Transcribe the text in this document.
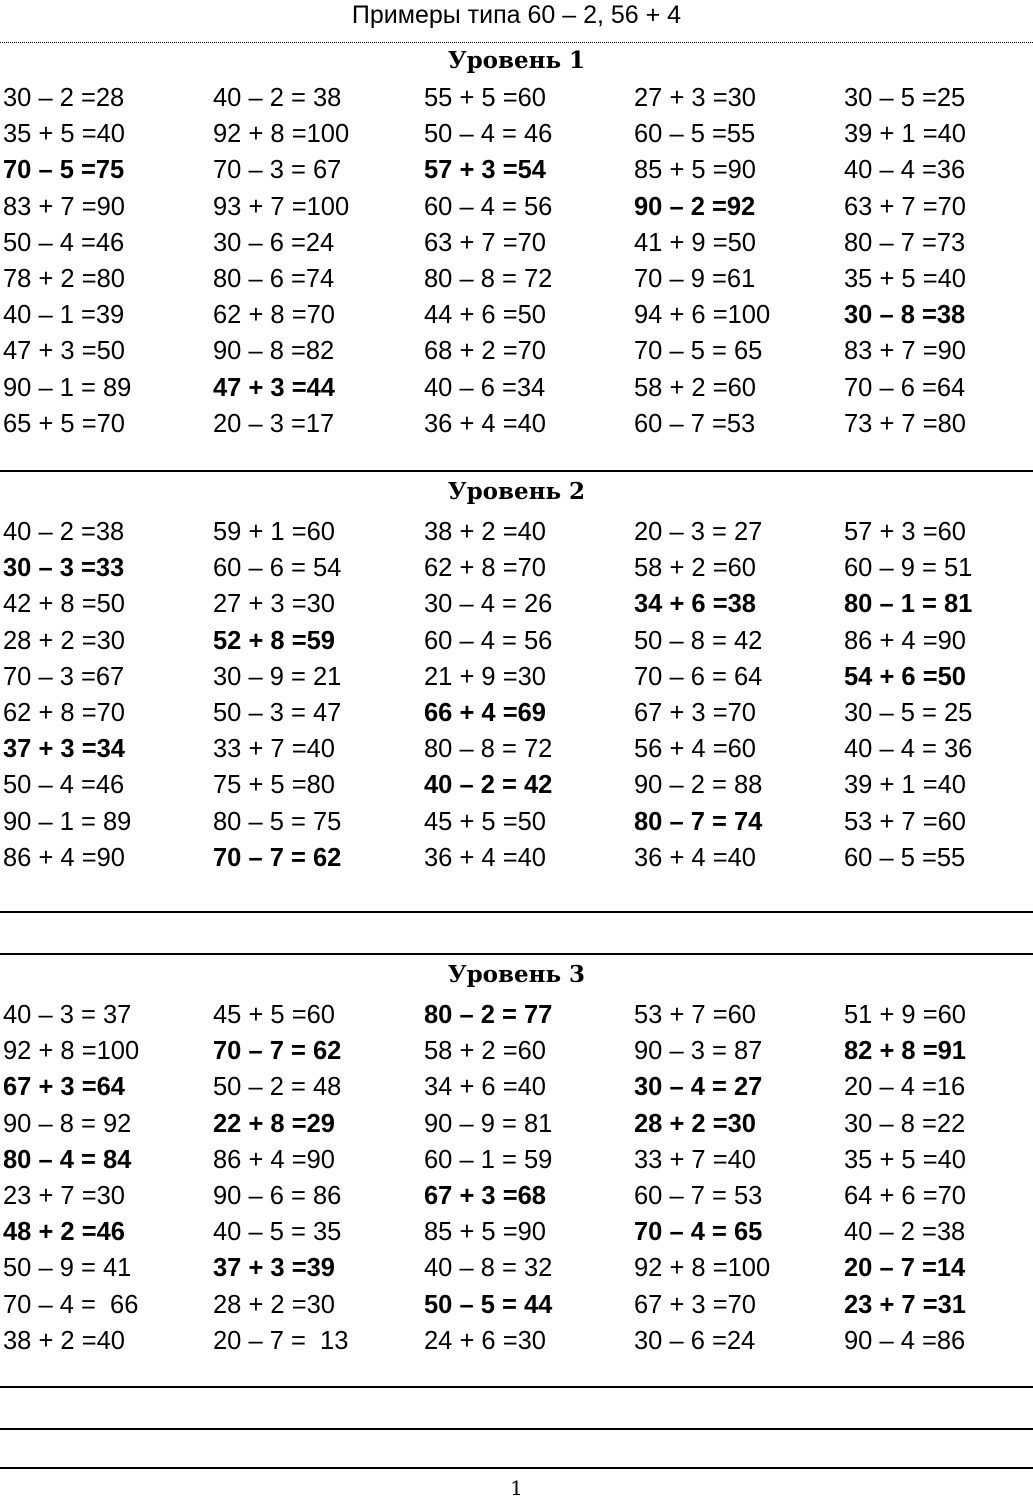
Примеры типа 60 – 2, 56 + 4
Уровень 1
30 – 2 =28	40 – 2 = 38	55 + 5 =60	27 + 3 =30	30 – 5 =25
35 + 5 =40	92 + 8 =100	50 – 4 = 46	60 – 5 =55	39 + 1 =40
70 – 5 =75	70 – 3 = 67	57 + 3 =54	85 + 5 =90	40 – 4 =36
83 + 7 =90	93 + 7 =100	60 – 4 = 56	90 – 2 =92	63 + 7 =70
50 – 4 =46	30 – 6 =24	63 + 7 =70	41 + 9 =50	80 – 7 =73
78 + 2 =80	80 – 6 =74	80 – 8 = 72	70 – 9 =61	35 + 5 =40
40 – 1 =39	62 + 8 =70	44 + 6 =50	94 + 6 =100	30 – 8 =38
47 + 3 =50	90 – 8 =82	68 + 2 =70	70 – 5 = 65	83 + 7 =90
90 – 1 = 89	47 + 3 =44	40 – 6 =34	58 + 2 =60	70 – 6 =64
65 + 5 =70	20 – 3 =17	36 + 4 =40	60 – 7 =53	73 + 7 =80
Уровень 2
40 – 2 =38	59 + 1 =60	38 + 2 =40	20 – 3 = 27	57 + 3 =60
30 – 3 =33	60 – 6 = 54	62 + 8 =70	58 + 2 =60	60 – 9 = 51
42 + 8 =50	27 + 3 =30	30 – 4 = 26	34 + 6 =38	80 – 1 = 81
28 + 2 =30	52 + 8 =59	60 – 4 = 56	50 – 8 = 42	86 + 4 =90
70 – 3 =67	30 – 9 = 21	21 + 9 =30	70 – 6 = 64	54 + 6 =50
62 + 8 =70	50 – 3 = 47	66 + 4 =69	67 + 3 =70	30 – 5 = 25
37 + 3 =34	33 + 7 =40	80 – 8 = 72	56 + 4 =60	40 – 4 = 36
50 – 4 =46	75 + 5 =80	40 – 2 = 42	90 – 2 = 88	39 + 1 =40
90 – 1 = 89	80 – 5 = 75	45 + 5 =50	80 – 7 = 74	53 + 7 =60
86 + 4 =90	70 – 7 = 62	36 + 4 =40	36 + 4 =40	60 – 5 =55
Уровень 3
40 – 3 = 37	45 + 5 =60	80 – 2 = 77	53 + 7 =60	51 + 9 =60
92 + 8 =100	70 – 7 = 62	58 + 2 =60	90 – 3 = 87	82 + 8 =91
67 + 3 =64	50 – 2 = 48	34 + 6 =40	30 – 4 = 27	20 – 4 =16
90 – 8 = 92	22 + 8 =29	90 – 9 = 81	28 + 2 =30	30 – 8 =22
80 – 4 = 84	86 + 4 =90	60 – 1 = 59	33 + 7 =40	35 + 5 =40
23 + 7 =30	90 – 6 = 86	67 + 3 =68	60 – 7 = 53	64 + 6 =70
48 + 2 =46	40 – 5 = 35	85 + 5 =90	70 – 4 = 65	40 – 2 =38
50 – 9 = 41	37 + 3 =39	40 – 8 = 32	92 + 8 =100	20 – 7 =14
70 – 4 =  66	28 + 2 =30	50 – 5 = 44	67 + 3 =70	23 + 7 =31
38 + 2 =40	20 – 7 =  13	24 + 6 =30	30 – 6 =24	90 – 4 =86
1
